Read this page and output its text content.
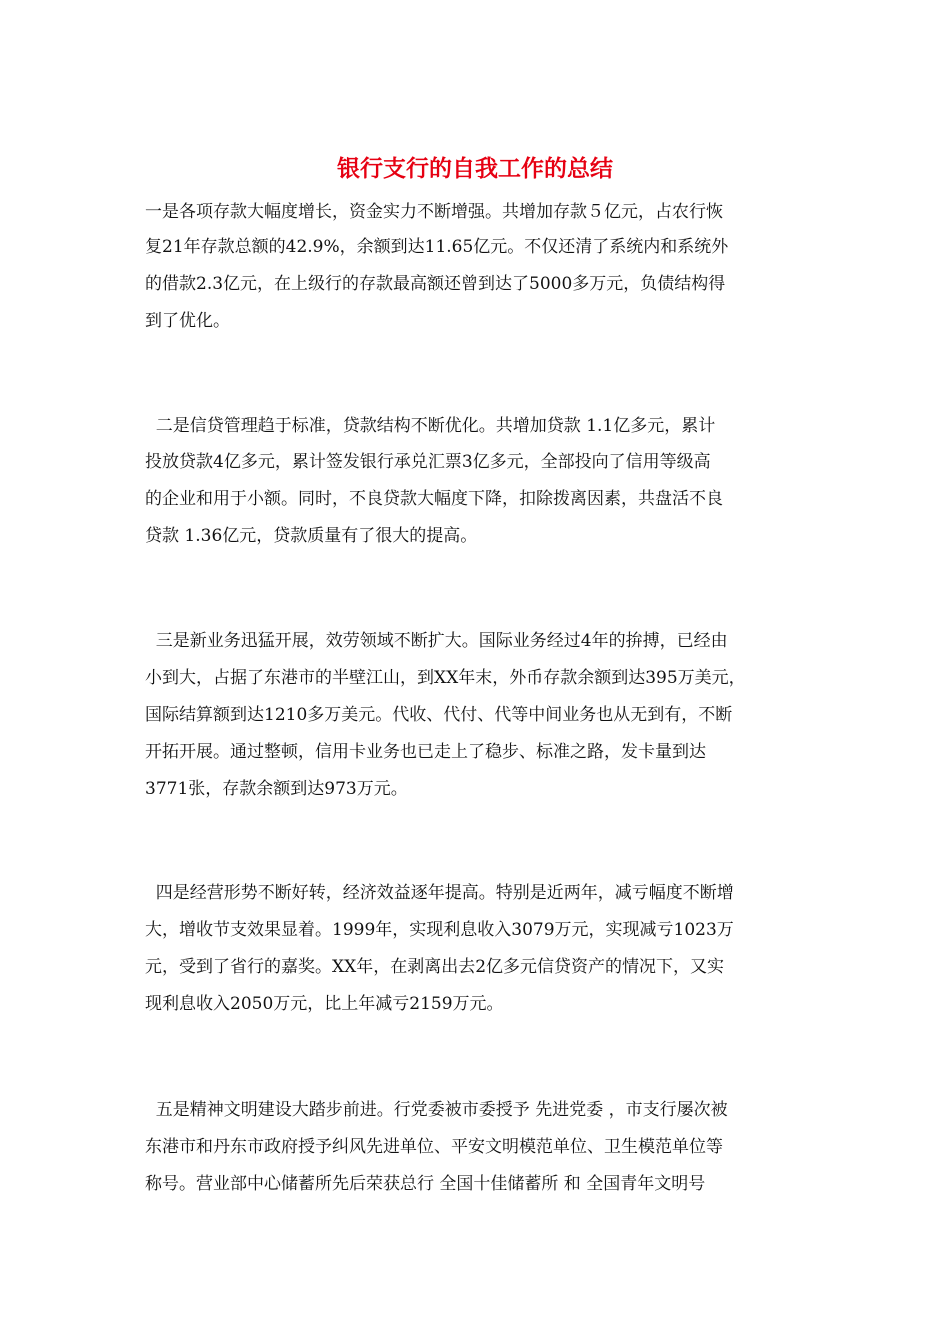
银行支行的自我工作的总结
一是各项存款大幅度增长，资金实力不断增强。共增加存款５亿元，占农行恢
复21年存款总额的42.9%，余额到达11.65亿元。不仅还清了系统内和系统外
的借款2.3亿元，在上级行的存款最高额还曾到达了5000多万元，负债结构得
到了优化。
二是信贷管理趋于标准，贷款结构不断优化。共增加贷款 1.1亿多元，累计
投放贷款4亿多元，累计签发银行承兑汇票3亿多元，全部投向了信用等级高
的企业和用于小额。同时，不良贷款大幅度下降，扣除拨离因素，共盘活不良
贷款 1.36亿元，贷款质量有了很大的提高。
三是新业务迅猛开展，效劳领域不断扩大。国际业务经过4年的拚搏，已经由
小到大，占据了东港市的半壁江山，到XX年末，外币存款余额到达395万美元，
国际结算额到达1210多万美元。代收、代付、代等中间业务也从无到有，不断
开拓开展。通过整顿，信用卡业务也已走上了稳步、标准之路，发卡量到达
3771张，存款余额到达973万元。
四是经营形势不断好转，经济效益逐年提高。特别是近两年，减亏幅度不断增
大，增收节支效果显着。1999年，实现利息收入3079万元，实现减亏1023万
元，受到了省行的嘉奖。XX年，在剥离出去2亿多元信贷资产的情况下，又实
现利息收入2050万元，比上年减亏2159万元。
五是精神文明建设大踏步前进。行党委被市委授予 先进党委 ，市支行屡次被
东港市和丹东市政府授予纠风先进单位、平安文明模范单位、卫生模范单位等
称号。营业部中心储蓄所先后荣获总行 全国十佳储蓄所 和 全国青年文明号
